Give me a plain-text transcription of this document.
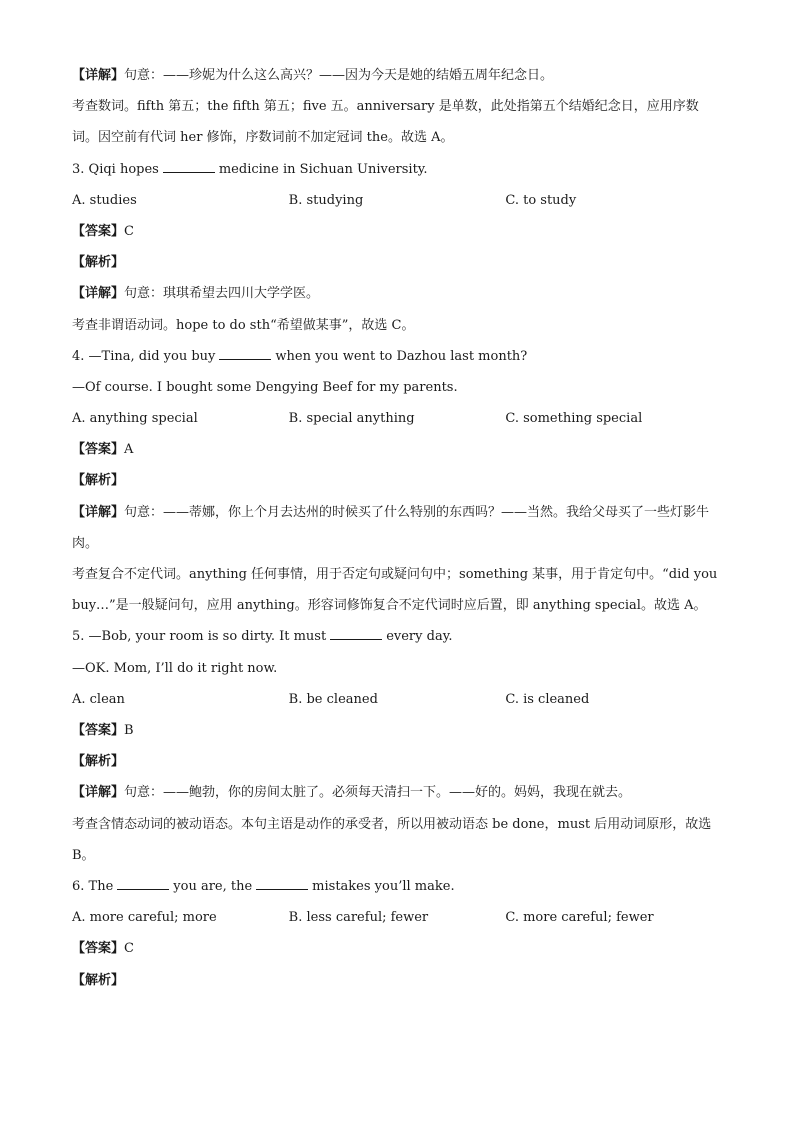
【详解】句意：——珍妮为什么这么高兴？——因为今天是她的结婚五周年纪念日。
考查数词。fifth 第五；the fifth 第五；five 五。anniversary 是单数，此处指第五个结婚纪念日，应用序数
词。因空前有代词 her 修饰，序数词前不加定冠词 the。故选 A。
3. Qiqi hopes	medicine in Sichuan University.
A. studies	B. studying	C. to study
【答案】C
【解析】
【详解】句意：琪琪希望去四川大学学医。
考查非谓语动词。hope to do sth“希望做某事”，故选 C。
4. —Tina, did you buy	when you went to Dazhou last month?
—Of course. I bought some Dengying Beef for my parents.
A. anything special	B. special anything	C. something special
【答案】A
【解析】
【详解】句意：——蒂娜，你上个月去达州的时候买了什么特别的东西吗？——当然。我给父母买了一些灯影牛肉。
考查复合不定代词。anything 任何事情，用于否定句或疑问句中；something 某事，用于肯定句中。“did you buy…”是一般疑问句，应用 anything。形容词修饰复合不定代词时应后置，即 anything special。故选 A。
5. —Bob, your room is so dirty. It must	every day.
—OK. Mom, I’ll do it right now.
A. clean	B. be cleaned	C. is cleaned
【答案】B
【解析】
【详解】句意：——鲍勃，你的房间太脏了。必须每天清扫一下。——好的。妈妈，我现在就去。
考查含情态动词的被动语态。本句主语是动作的承受者，所以用被动语态 be done，must 后用动词原形，故选 B。
6. The	you are, the	mistakes you’ll make.
A. more careful; more	B. less careful; fewer	C. more careful; fewer
【答案】C
【解析】
